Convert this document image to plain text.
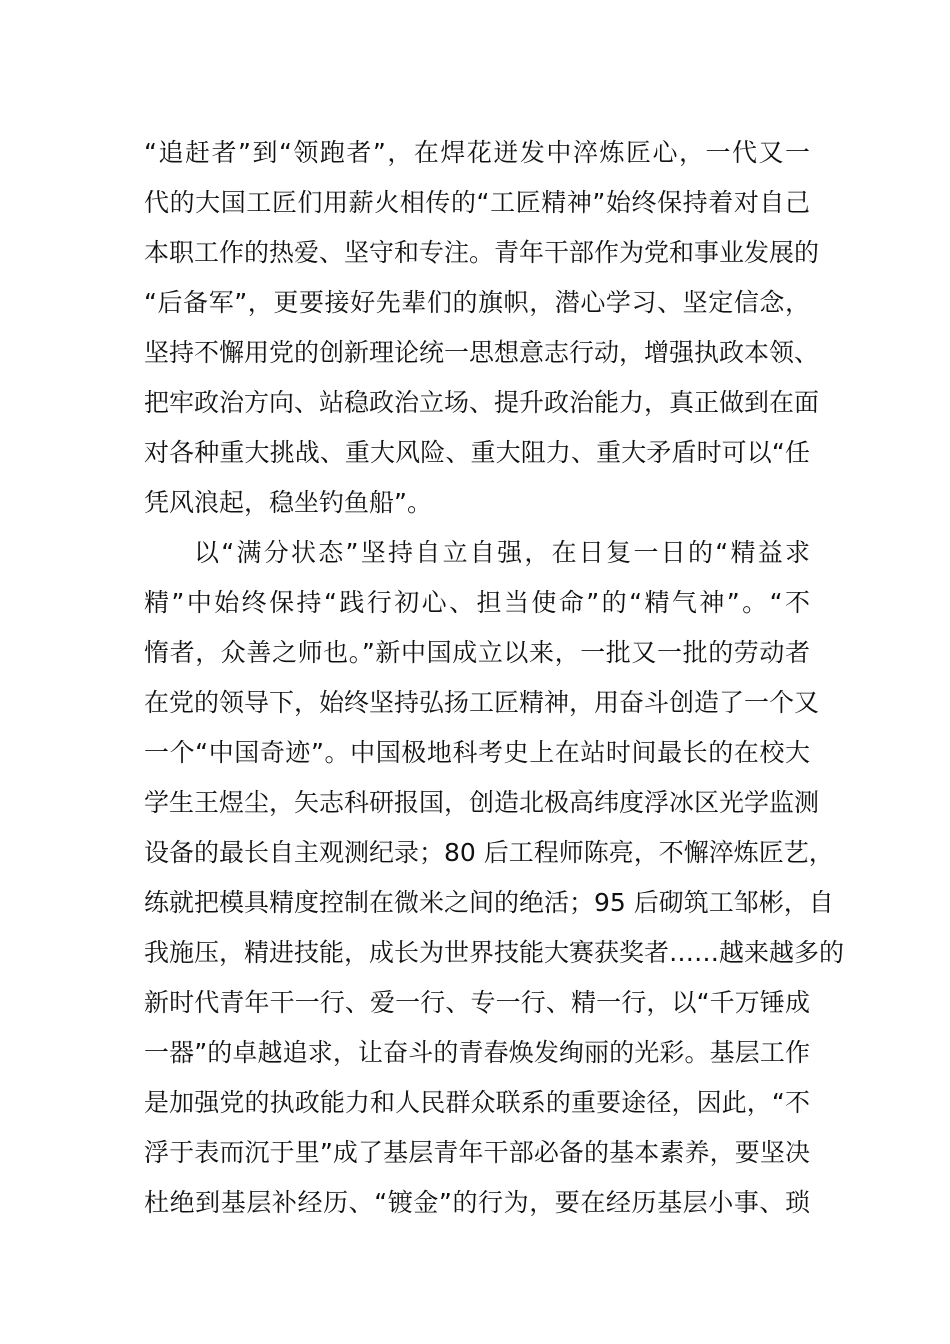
“追赶者”到“领跑者”，在焊花迸发中淬炼匠心，一代又一
代的大国工匠们用薪火相传的“工匠精神”始终保持着对自己
本职工作的热爱、坚守和专注。青年干部作为党和事业发展的
“后备军”，更要接好先辈们的旗帜，潜心学习、坚定信念，
坚持不懈用党的创新理论统一思想意志行动，增强执政本领、
把牢政治方向、站稳政治立场、提升政治能力，真正做到在面
对各种重大挑战、重大风险、重大阻力、重大矛盾时可以“任
凭风浪起，稳坐钓鱼船”。
以“满分状态”坚持自立自强，在日复一日的“精益求
精”中始终保持“践行初心、担当使命”的“精气神”。“不
惰者，众善之师也。”新中国成立以来，一批又一批的劳动者
在党的领导下，始终坚持弘扬工匠精神，用奋斗创造了一个又
一个“中国奇迹”。中国极地科考史上在站时间最长的在校大
学生王煜尘，矢志科研报国，创造北极高纬度浮冰区光学监测
设备的最长自主观测纪录；80 后工程师陈亮，不懈淬炼匠艺，
练就把模具精度控制在微米之间的绝活；95 后砌筑工邹彬，自
我施压，精进技能，成长为世界技能大赛获奖者……越来越多的
新时代青年干一行、爱一行、专一行、精一行，以“千万锤成
一器”的卓越追求，让奋斗的青春焕发绚丽的光彩。基层工作
是加强党的执政能力和人民群众联系的重要途径，因此，“不
浮于表而沉于里”成了基层青年干部必备的基本素养，要坚决
杜绝到基层补经历、“镀金”的行为，要在经历基层小事、琐
